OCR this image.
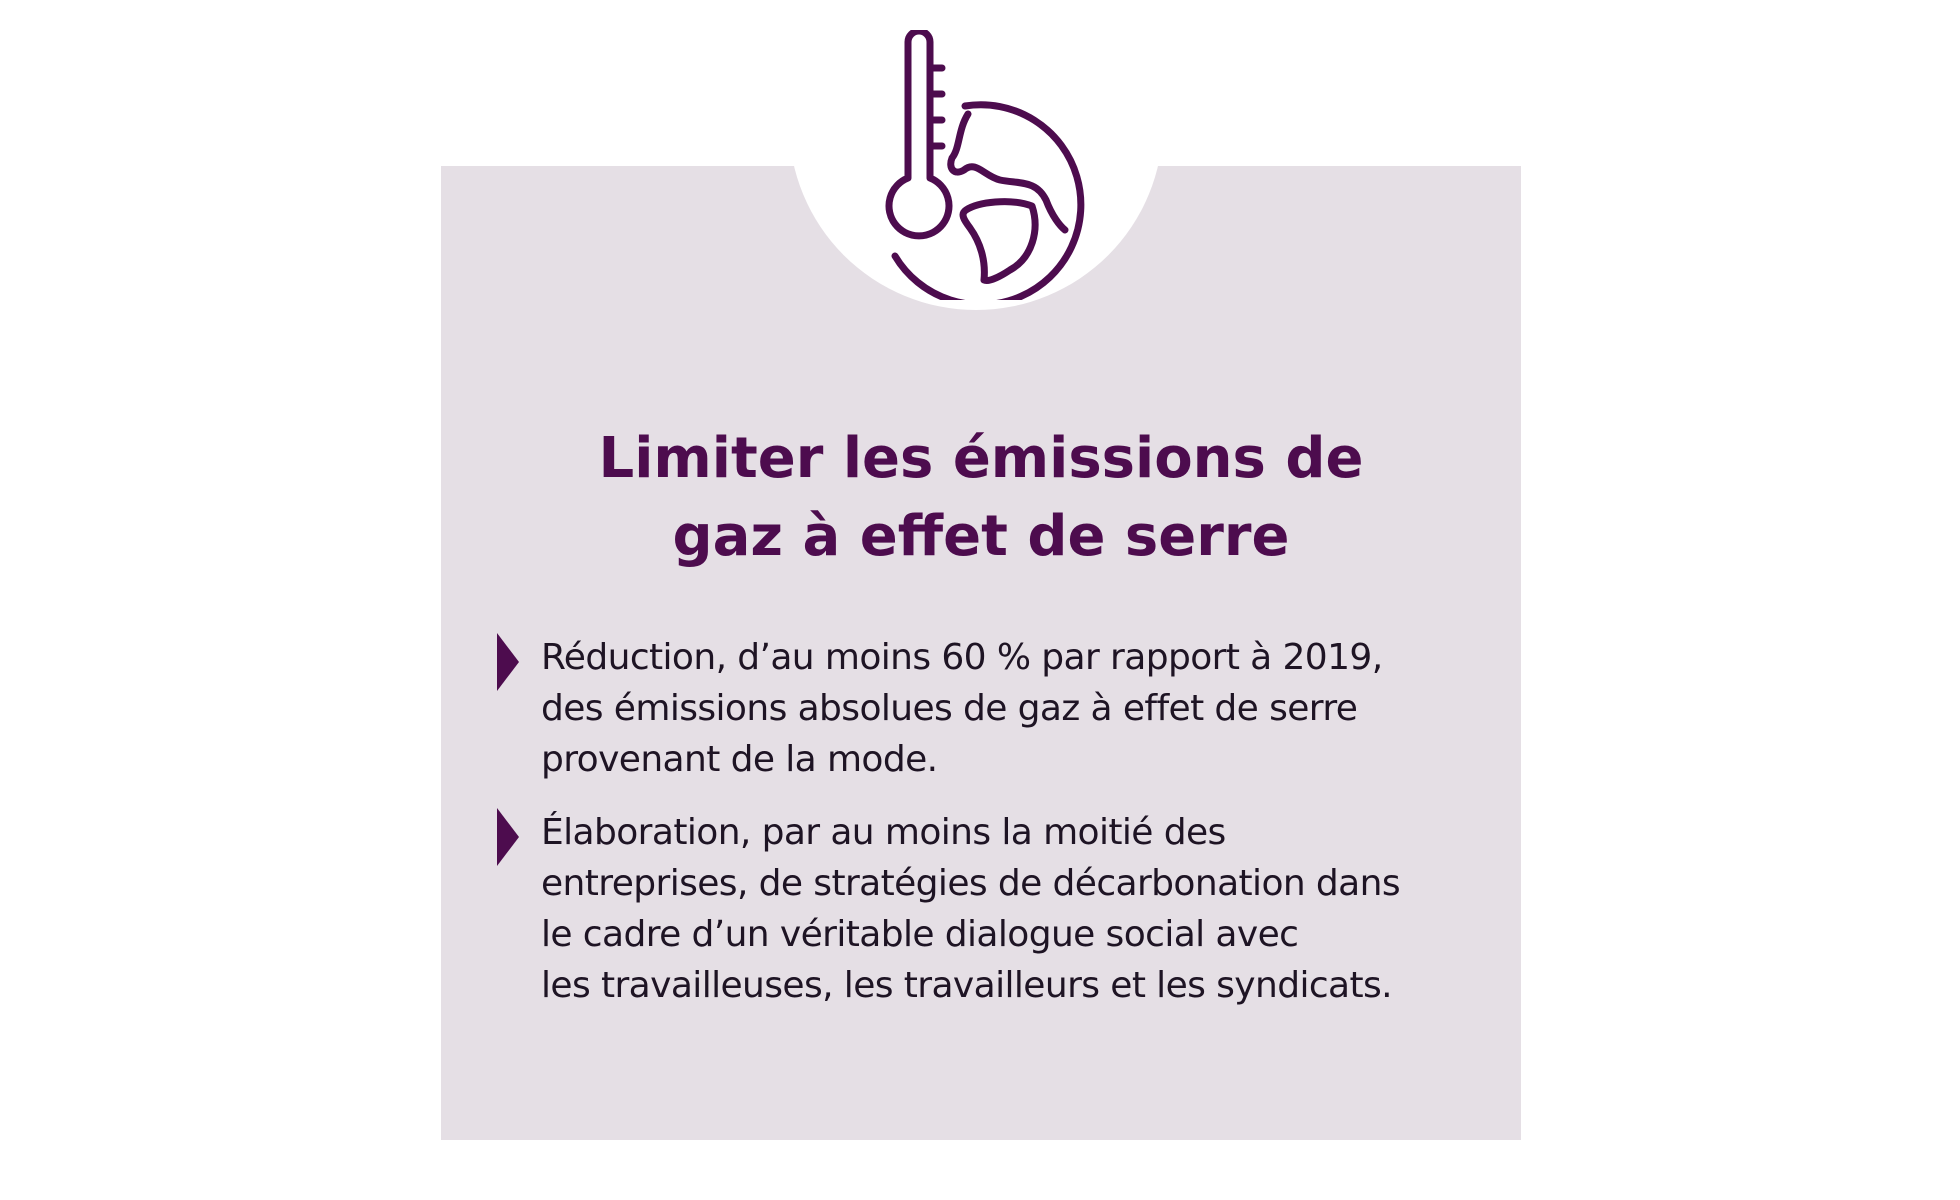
Limiter les émissions de
gaz à effet de serre
Réduction, d’au moins 60 % par rapport à 2019,
des émissions absolues de gaz à effet de serre
provenant de la mode.
Élaboration, par au moins la moitié des
entreprises, de stratégies de décarbonation dans
le cadre d’un véritable dialogue social avec
les travailleuses, les travailleurs et les syndicats.
